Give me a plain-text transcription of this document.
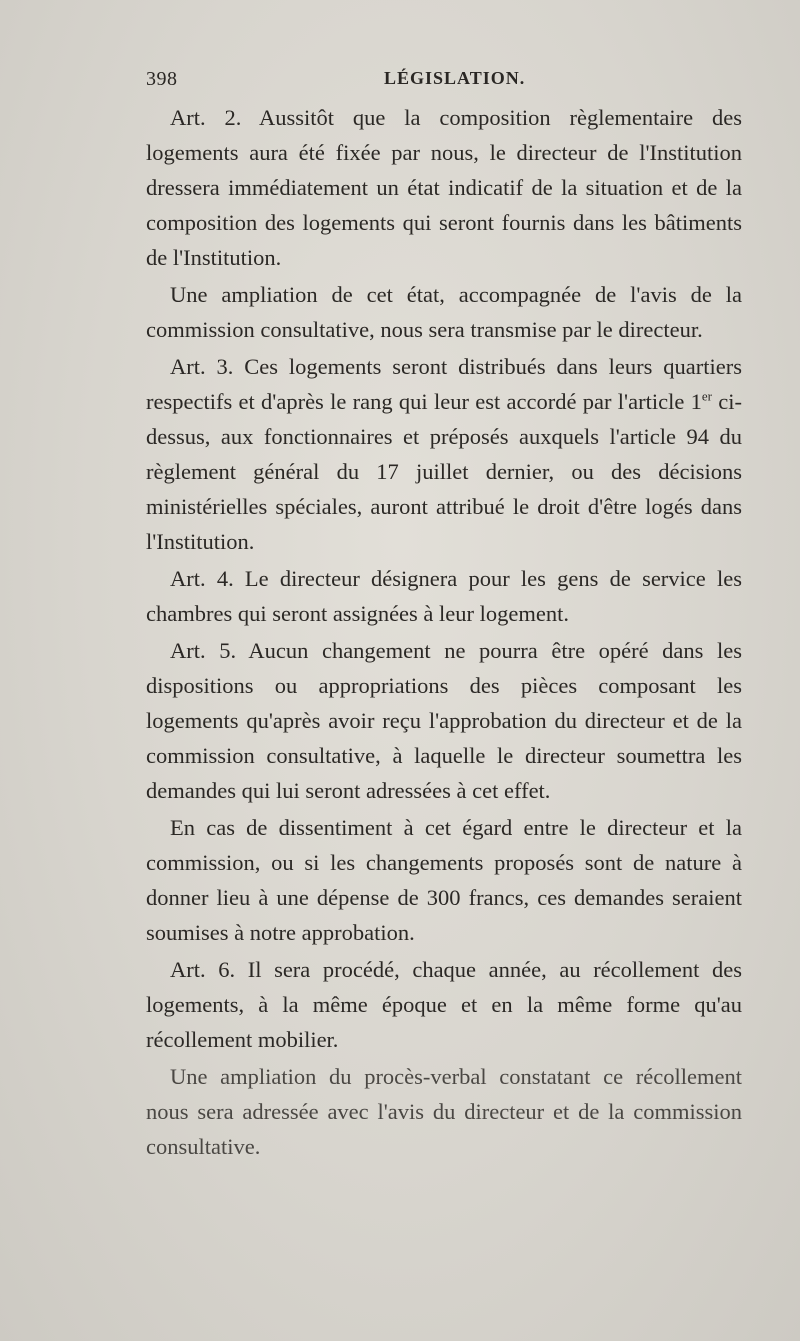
398	LÉGISLATION.

Art. 2. Aussitôt que la composition règlementaire des logements aura été fixée par nous, le directeur de l'Institution dressera immédiatement un état indicatif de la situation et de la composition des logements qui seront fournis dans les bâtiments de l'Institution.

Une ampliation de cet état, accompagnée de l'avis de la commission consultative, nous sera transmise par le directeur.

Art. 3. Ces logements seront distribués dans leurs quartiers respectifs et d'après le rang qui leur est accordé par l'article 1er ci-dessus, aux fonctionnaires et préposés auxquels l'article 94 du règlement général du 17 juillet dernier, ou des décisions ministérielles spéciales, auront attribué le droit d'être logés dans l'Institution.

Art. 4. Le directeur désignera pour les gens de service les chambres qui seront assignées à leur logement.

Art. 5. Aucun changement ne pourra être opéré dans les dispositions ou appropriations des pièces composant les logements qu'après avoir reçu l'approbation du directeur et de la commission consultative, à laquelle le directeur soumettra les demandes qui lui seront adressées à cet effet.

En cas de dissentiment à cet égard entre le directeur et la commission, ou si les changements proposés sont de nature à donner lieu à une dépense de 300 francs, ces demandes seraient soumises à notre approbation.

Art. 6. Il sera procédé, chaque année, au récollement des logements, à la même époque et en la même forme qu'au récollement mobilier.

Une ampliation du procès-verbal constatant ce récollement nous sera adressée avec l'avis du directeur et de la commission consultative.
